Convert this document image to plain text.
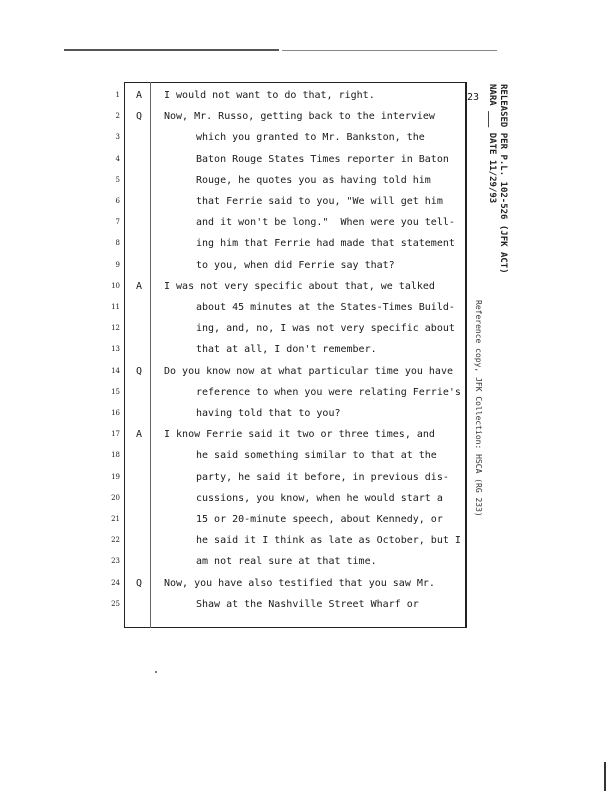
23 RELEASED PER P.L. 102-526 (JFK ACT)
NARA ___ DATE 11/29/93
Reference copy, JFK Collection: HSCA (RG 233)
1 A I would not want to do that, right.
2 Q Now, Mr. Russo, getting back to the interview
3	which you granted to Mr. Bankston, the
4	Baton Rouge States Times reporter in Baton
5	Rouge, he quotes you as having told him
6	that Ferrie said to you, "We will get him
7	and it won't be long."  When were you tell-
8	ing him that Ferrie had made that statement
9	to you, when did Ferrie say that?
10 A I was not very specific about that, we talked
11	about 45 minutes at the States-Times Build-
12	ing, and, no, I was not very specific about
13	that at all, I don't remember.
14 Q Do you know now at what particular time you have
15	reference to when you were relating Ferrie's
16	having told that to you?
17 A I know Ferrie said it two or three times, and
18	he said something similar to that at the
19	party, he said it before, in previous dis-
20	cussions, you know, when he would start a
21	15 or 20-minute speech, about Kennedy, or
22	he said it I think as late as October, but I
23	am not real sure at that time.
24 Q Now, you have also testified that you saw Mr.
25	Shaw at the Nashville Street Wharf or
